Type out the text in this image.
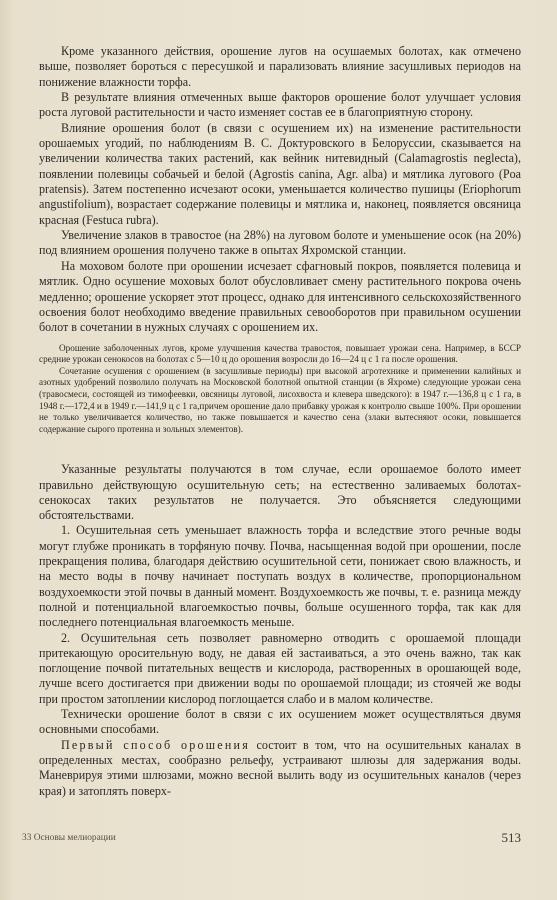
Кроме указанного действия, орошение лугов на осушаемых болотах, как отмечено выше, позволяет бороться с пересушкой и парализовать влияние засушливых периодов на понижение влажности торфа.

В результате влияния отмеченных выше факторов орошение болот улучшает условия роста луговой растительности и часто изменяет состав ее в благоприятную сторону.

Влияние орошения болот (в связи с осушением их) на изменение растительности орошаемых угодий, по наблюдениям В. С. Доктуровского в Белоруссии, сказывается на увеличении количества таких растений, как вейник нитевидный (Calamagrostis neglecta), появлении полевицы собачьей и белой (Agrostis canina, Agr. alba) и мятлика лугового (Poa pratensis). Затем постепенно исчезают осоки, уменьшается количество пушицы (Eriophorum angustifolium), возрастает содержание полевицы и мятлика и, наконец, появляется овсяница красная (Festuca rubra).

Увеличение злаков в травостое (на 28%) на луговом болоте и уменьшение осок (на 20%) под влиянием орошения получено также в опытах Яхромской станции.

На моховом болоте при орошении исчезает сфагновый покров, появляется полевица и мятлик. Одно осушение моховых болот обусловливает смену растительного покрова очень медленно; орошение ускоряет этот процесс, однако для интенсивного сельскохозяйственного освоения болот необходимо введение правильных севооборотов при правильном осушении болот в сочетании в нужных случаях с орошением их.

Орошение заболоченных лугов, кроме улучшения качества травостоя, повышает урожаи сена. Например, в БССР средние урожаи сенокосов на болотах с 5—10 ц до орошения возросли до 16—24 ц с 1 га после орошения.

Сочетание осушения с орошением (в засушливые периоды) при высокой агротехнике и применении калийных и азотных удобрений позволило получать на Московской болотной опытной станции (в Яхроме) следующие урожаи сена (травосмеси, состоящей из тимофеевки, овсяницы луговой, лисохвоста и клевера шведского): в 1947 г.—136,8 ц с 1 га, в 1948 г.—172,4 и в 1949 г.—141,9 ц с 1 га,причем орошение дало прибавку урожая к контролю свыше 100%. При орошении не только увеличивается количество, но также повышается и качество сена (злаки вытесняют осоки, повышается содержание сырого протеина и зольных элементов).

Указанные результаты получаются в том случае, если орошаемое болото имеет правильно действующую осушительную сеть; на естественно заливаемых болотах-сенокосах таких результатов не получается. Это объясняется следующими обстоятельствами.

1. Осушительная сеть уменьшает влажность торфа и вследствие этого речные воды могут глубже проникать в торфяную почву. Почва, насыщенная водой при орошении, после прекращения полива, благодаря действию осушительной сети, понижает свою влажность, и на место воды в почву начинает поступать воздух в количестве, пропорциональном воздухоемкости этой почвы в данный момент. Воздухоемкость же почвы, т. е. разница между полной и потенциальной влагоемкостью почвы, больше осушенного торфа, так как для последнего потенциальная влагоемкость меньше.

2. Осушительная сеть позволяет равномерно отводить с орошаемой площади притекающую оросительную воду, не давая ей застаиваться, а это очень важно, так как поглощение почвой питательных веществ и кислорода, растворенных в орошающей воде, лучше всего достигается при движении воды по орошаемой площади; из стоячей же воды при простом затоплении кислород поглощается слабо и в малом количестве.

Технически орошение болот в связи с их осушением может осуществляться двумя основными способами.

Первый способ орошения состоит в том, что на осушительных каналах в определенных местах, сообразно рельефу, устраивают шлюзы для задержания воды. Маневрируя этими шлюзами, можно весной вылить воду из осушительных каналов (через края) и затоплять поверх-

33 Основы мелиорации	513
